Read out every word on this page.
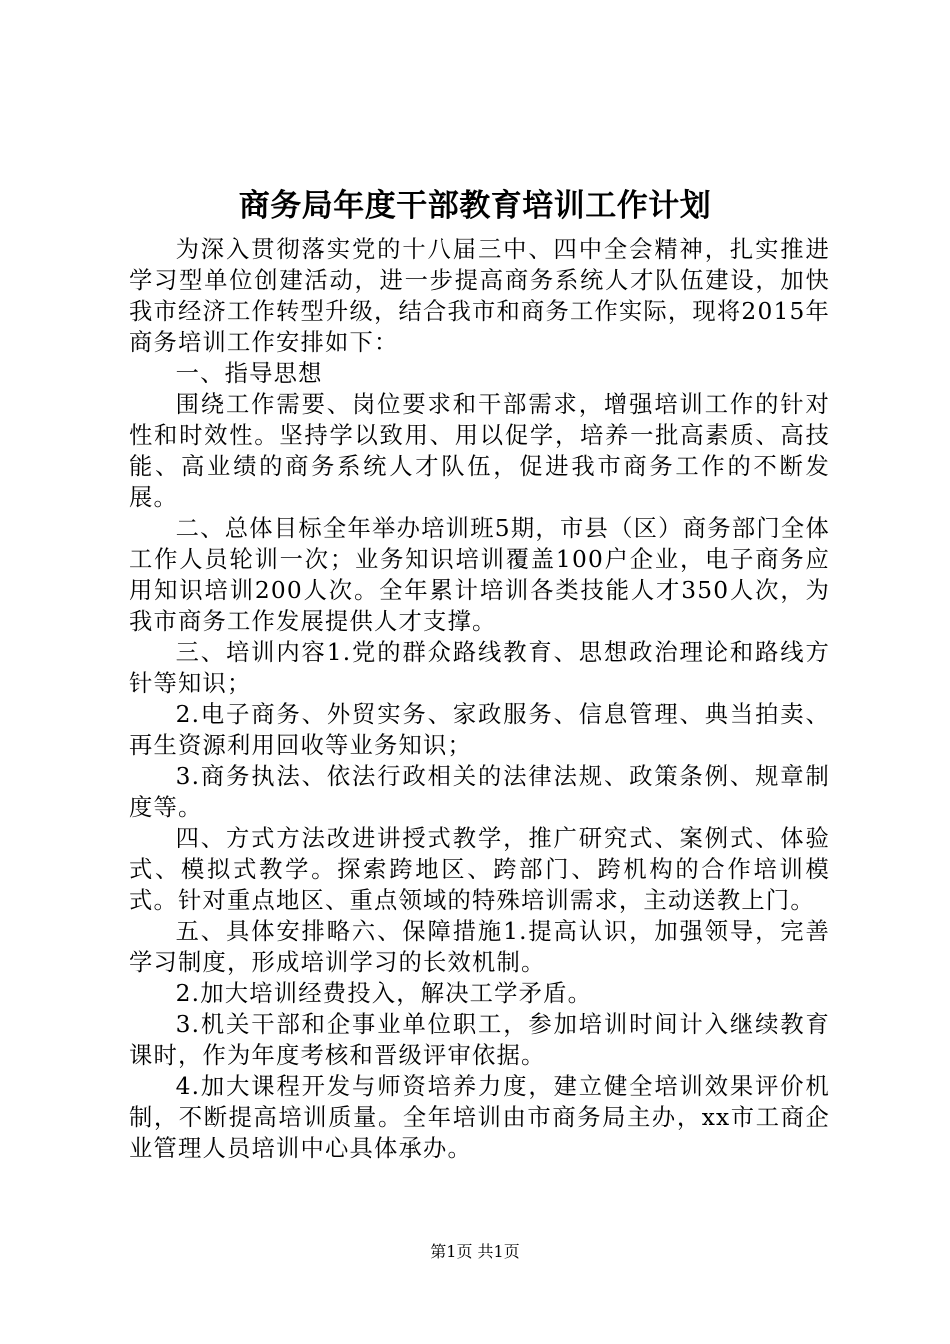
商务局年度干部教育培训工作计划

为深入贯彻落实党的十八届三中、四中全会精神，扎实推进学习型单位创建活动，进一步提高商务系统人才队伍建设，加快我市经济工作转型升级，结合我市和商务工作实际，现将2015年商务培训工作安排如下：

一、指导思想

围绕工作需要、岗位要求和干部需求，增强培训工作的针对性和时效性。坚持学以致用、用以促学，培养一批高素质、高技能、高业绩的商务系统人才队伍，促进我市商务工作的不断发展。

二、总体目标全年举办培训班5期，市县（区）商务部门全体工作人员轮训一次；业务知识培训覆盖100户企业，电子商务应用知识培训200人次。全年累计培训各类技能人才350人次，为我市商务工作发展提供人才支撑。

三、培训内容1.党的群众路线教育、思想政治理论和路线方针等知识；

2.电子商务、外贸实务、家政服务、信息管理、典当拍卖、再生资源利用回收等业务知识；

3.商务执法、依法行政相关的法律法规、政策条例、规章制度等。

四、方式方法改进讲授式教学，推广研究式、案例式、体验式、模拟式教学。探索跨地区、跨部门、跨机构的合作培训模式。针对重点地区、重点领域的特殊培训需求，主动送教上门。

五、具体安排略六、保障措施1.提高认识，加强领导，完善学习制度，形成培训学习的长效机制。

2.加大培训经费投入，解决工学矛盾。

3.机关干部和企事业单位职工，参加培训时间计入继续教育课时，作为年度考核和晋级评审依据。

4.加大课程开发与师资培养力度，建立健全培训效果评价机制，不断提高培训质量。全年培训由市商务局主办，xx市工商企业管理人员培训中心具体承办。

第1页 共1页
